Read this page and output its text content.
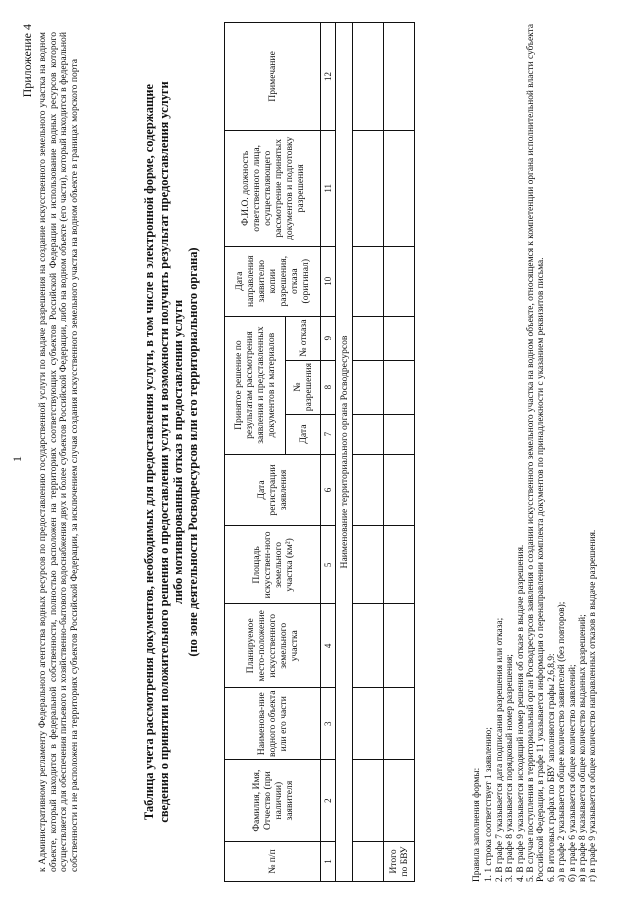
1
Приложение 4 к Административному регламенту Федерального агентства водных ресурсов по предоставлению государственной услуги по выдаче разрешения на создание искусственного земельного участка на водном объекте, который находится в федеральной собственности, полностью расположен на территориях соответствующих субъектов Российской Федерации и использование водных ресурсов которого осуществляется для обеспечения питьевого и хозяйственно-бытового водоснабжения двух и более субъектов Российской Федерации, либо на водном объекте (его части), который находится в федеральной собственности и не расположен на территориях субъектов Российской Федерации, за исключением случая создания искусственного земельного участка на водном объекте в границах морского порта	Таблица учета рассмотрения документов, необходимых для предоставления услуги, в том числе в электронной форме, содержащие сведения о принятии положительного решения о предоставлении услуги и возможности получить результат предоставления услуги либо мотивированный отказ в предоставлении услуги (по зоне деятельности Росводресурсов или его территориального органа)
№ п/п	Фамилия, Имя, Отчество (при наличии) заявителя	Наименова-ние водного объекта или его части	Планируемое место-положение искусственного земельного участка	Площадь искусствен-ного земельного участка (км²)	Дата регистрации заявления	Принятое решение по результатам рассмотрения заявления и представленных документов и материалов			Дата направления заявителю копии разрешения, отказа (оригинал)	Ф.И.О. должность ответственного лица, осуществляющего рассмотрение принятых документов и подготовку разрешения	Примечание
						Дата	№ разрешения	№ отказа			
1	2	3	4	5	6	7	8	9	10	11	12
Наименование территориального органа Росводресурсов											

Итого по БВУ												Правила заполнения формы: 1. 1 строка соответствует 1 заявлению; 2. В графе 7 указывается дата подписания разрешения или отказа; 3. В графе 8 указывается порядковый номер разрешения; 4. В графе 9 указывается исходящий номер решения об отказе в выдаче разрешения. 5. В случае поступления в территориальный орган Росводресурсов заявления о создании искусственного земельного участка на водном объекте, относящемся к компетенции органа исполнительной власти субъекта Российской Федерации, в графе 11 указывается информация о перенаправлении комплекта документов по принадлежности с указанием реквизитов письма. 6. В итоговых графах по БВУ заполняются графы 2,6,8,9: а) в графе 2 указывается общее количество заявителей (без повторов); б) в графе 6 указывается общее количество заявлений; в) в графе 8 указывается общее количество выданных разрешений; г) в графе 9 указывается общее количество направленных отказов в выдаче разрешения.
